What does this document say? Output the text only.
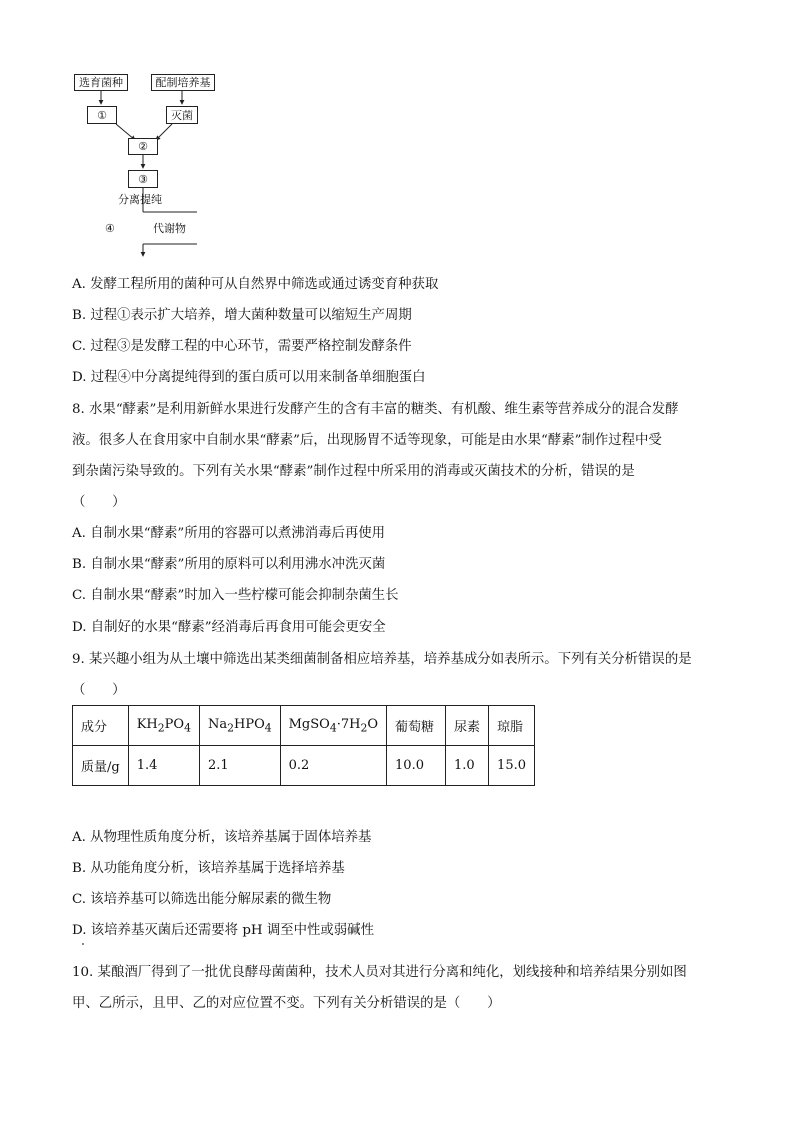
选育菌种	配制培养基
①	灭菌
②
③
分离提纯
④	代谢物
A. 发酵工程所用的菌种可从自然界中筛选或通过诱变育种获取
B. 过程①表示扩大培养，增大菌种数量可以缩短生产周期
C. 过程③是发酵工程的中心环节，需要严格控制发酵条件
D. 过程④中分离提纯得到的蛋白质可以用来制备单细胞蛋白
8. 水果“酵素”是利用新鲜水果进行发酵产生的含有丰富的糖类、有机酸、维生素等营养成分的混合发酵
液。很多人在食用家中自制水果“酵素”后，出现肠胃不适等现象，可能是由水果“酵素”制作过程中受
到杂菌污染导致的。下列有关水果“酵素”制作过程中所采用的消毒或灭菌技术的分析，错误的是
（　　）
A. 自制水果“酵素”所用的容器可以煮沸消毒后再使用
B. 自制水果“酵素”所用的原料可以利用沸水冲洗灭菌
C. 自制水果“酵素”时加入一些柠檬可能会抑制杂菌生长
D. 自制好的水果“酵素”经消毒后再食用可能会更安全
9. 某兴趣小组为从土壤中筛选出某类细菌制备相应培养基，培养基成分如表所示。下列有关分析错误的是
（　　）
成分	$KH_2PO_4$	$Na_2HPO_4$	$MgSO_4\cdot 7H_2O$	葡萄糖	尿素	琼脂
质量/g	1.4	2.1	0.2	10.0	1.0	15.0
A. 从物理性质角度分析，该培养基属于固体培养基
B. 从功能角度分析，该培养基属于选择培养基
C. 该培养基可以筛选出能分解尿素的微生物
D. 该培养基灭菌后还需要将 pH 调至中性或弱碱性
10. 某酿酒厂得到了一批优良酵母菌菌种，技术人员对其进行分离和纯化，划线接种和培养结果分别如图
甲、乙所示，且甲、乙的对应位置不变。下列有关分析错误的是（　　）
